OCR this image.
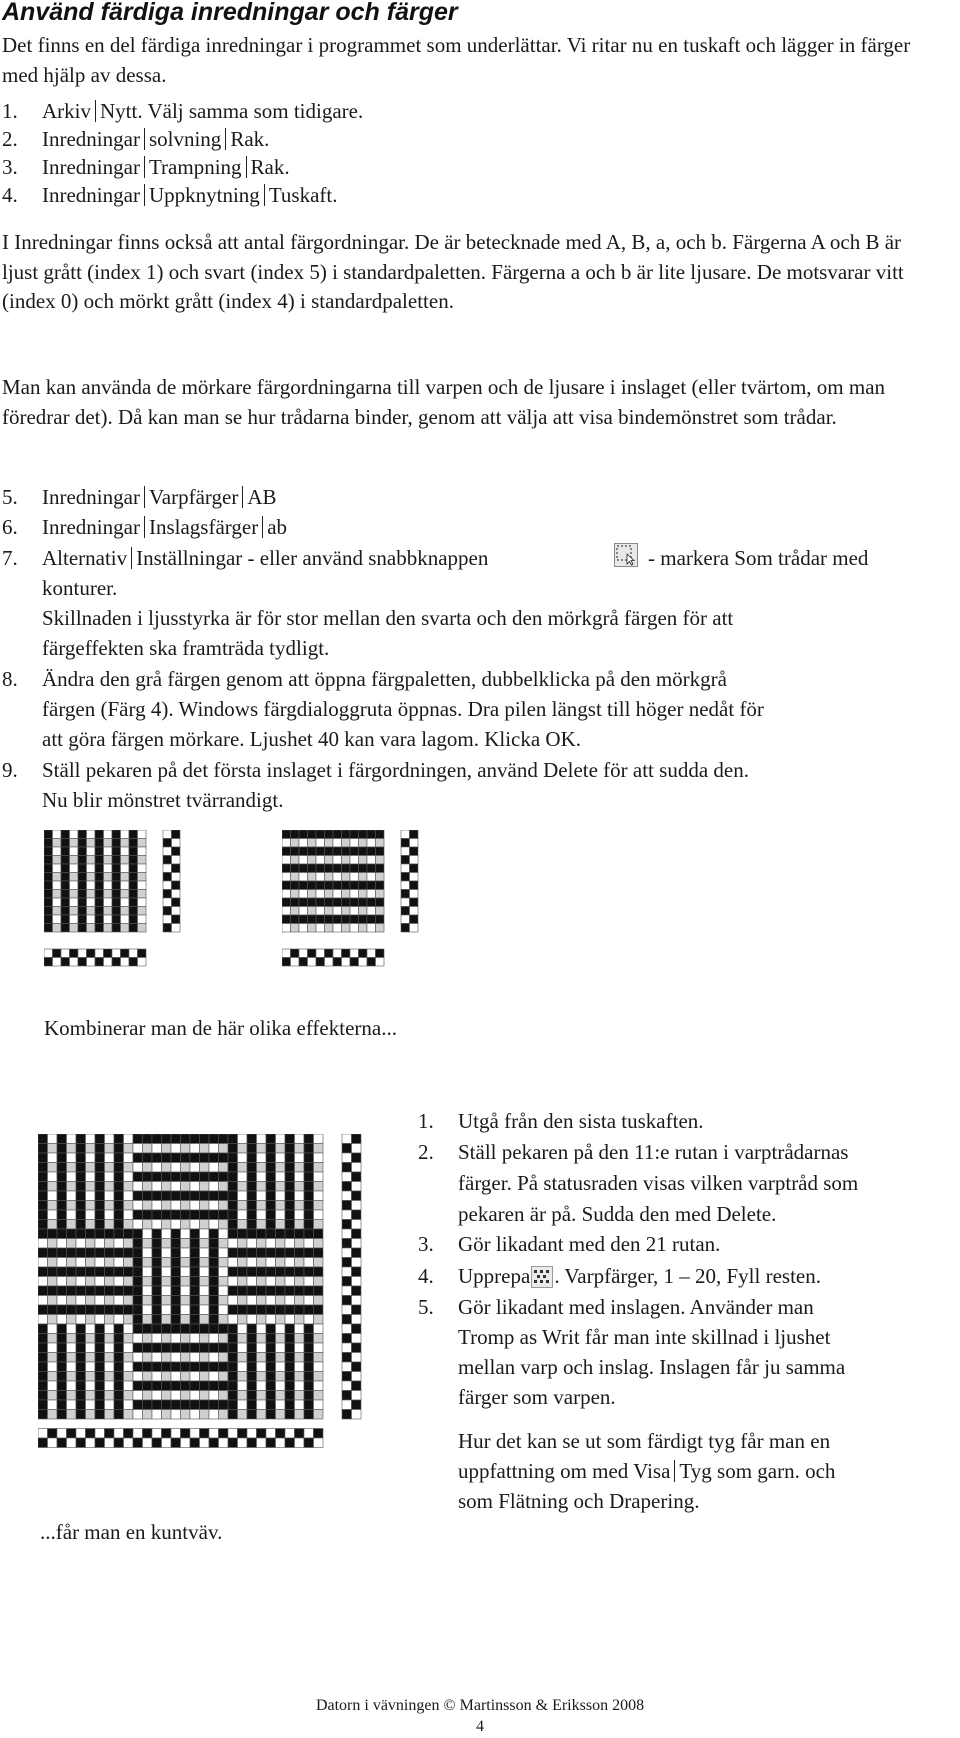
Använd färdiga inredningar och färger

Det finns en del färdiga inredningar i programmet som underlättar. Vi ritar nu en tuskaft och lägger in färger med hjälp av dessa.

1. Arkiv Nytt. Välj samma som tidigare.
2. Inredningar solvning Rak.
3. Inredningar Trampning Rak.
4. Inredningar Uppknytning Tuskaft.

I Inredningar finns också att antal färgordningar. De är betecknade med A, B, a, och b. Färgerna A och B är ljust grått (index 1) och svart (index 5) i standardpaletten. Färgerna a och b är lite ljusare. De motsvarar vitt (index 0) och mörkt grått (index 4) i standardpaletten.

Man kan använda de mörkare färgordningarna till varpen och de ljusare i inslaget (eller tvärtom, om man föredrar det). Då kan man se hur trådarna binder, genom att välja att visa bindemönstret som trådar.

5. Inredningar Varpfärger AB
6. Inredningar Inslagsfärger ab
7. Alternativ Inställningar - eller använd snabbknappen	- markera Som trådar med
konturer.
Skillnaden i ljusstyrka är för stor mellan den svarta och den mörkgrå färgen för att
färgeffekten ska framträda tydligt.
8. Ändra den grå färgen genom att öppna färgpaletten, dubbelklicka på den mörkgrå
färgen (Färg 4). Windows färgdialoggruta öppnas. Dra pilen längst till höger nedåt för
att göra färgen mörkare. Ljushet 40 kan vara lagom. Klicka OK.
9. Ställ pekaren på det första inslaget i färgordningen, använd Delete för att sudda den.
Nu blir mönstret tvärrandigt.
Kombinerar man de här olika effekterna...
...får man en kuntväv.
1. Utgå från den sista tuskaften.
2. Ställ pekaren på den 11:e rutan i varptrådarnas
färger. På statusraden visas vilken varptråd som
pekaren är på. Sudda den med Delete.
3. Gör likadant med den 21 rutan.
4. Upprepa . Varpfärger, 1 – 20, Fyll resten.
5. Gör likadant med inslagen. Använder man
Tromp as Writ får man inte skillnad i ljushet
mellan varp och inslag. Inslagen får ju samma
färger som varpen.
Hur det kan se ut som färdigt tyg får man en
uppfattning om med Visa Tyg som garn. och
som Flätning och Drapering.
Datorn i vävningen © Martinsson & Eriksson 2008
4
